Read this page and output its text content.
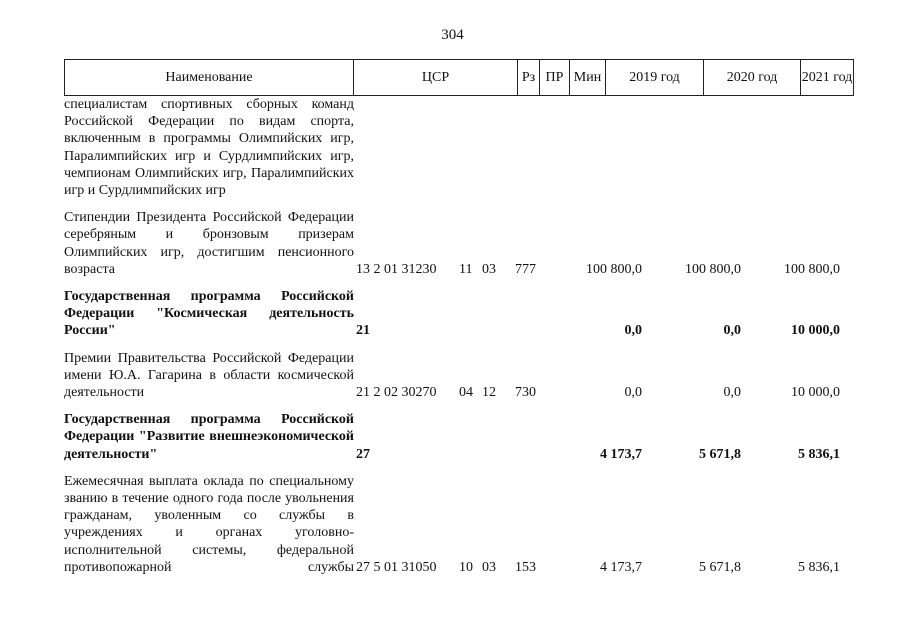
304
Наименование	ЦСР	Рз ПР Мин	2019 год	2020 год	2021 год
специалистам спортивных сборных команд Российской Федерации по видам спорта, включенным в программы Олимпийских игр, Паралимпийских игр и Сурдлимпийских игр, чемпионам Олимпийских игр, Паралимпийских игр и Сурдлимпийских игр
Стипендии Президента Российской Федерации серебряным и бронзовым призерам Олимпийских игр, достигшим пенсионного возраста	13 2 01 31230 11 03 777	100 800,0	100 800,0	100 800,0
Государственная программа Российской Федерации "Космическая деятельность России"	21	0,0	0,0	10 000,0
Премии Правительства Российской Федерации имени Ю.А. Гагарина в области космической деятельности	21 2 02 30270 04 12 730	0,0	0,0	10 000,0
Государственная программа Российской Федерации "Развитие внешнеэкономической деятельности"	27	4 173,7	5 671,8	5 836,1
Ежемесячная выплата оклада по специальному званию в течение одного года после увольнения гражданам, уволенным со службы в учреждениях и органах уголовно-исполнительной системы, федеральной противопожарной службы 27 5 01 31050 10 03 153	4 173,7	5 671,8	5 836,1
